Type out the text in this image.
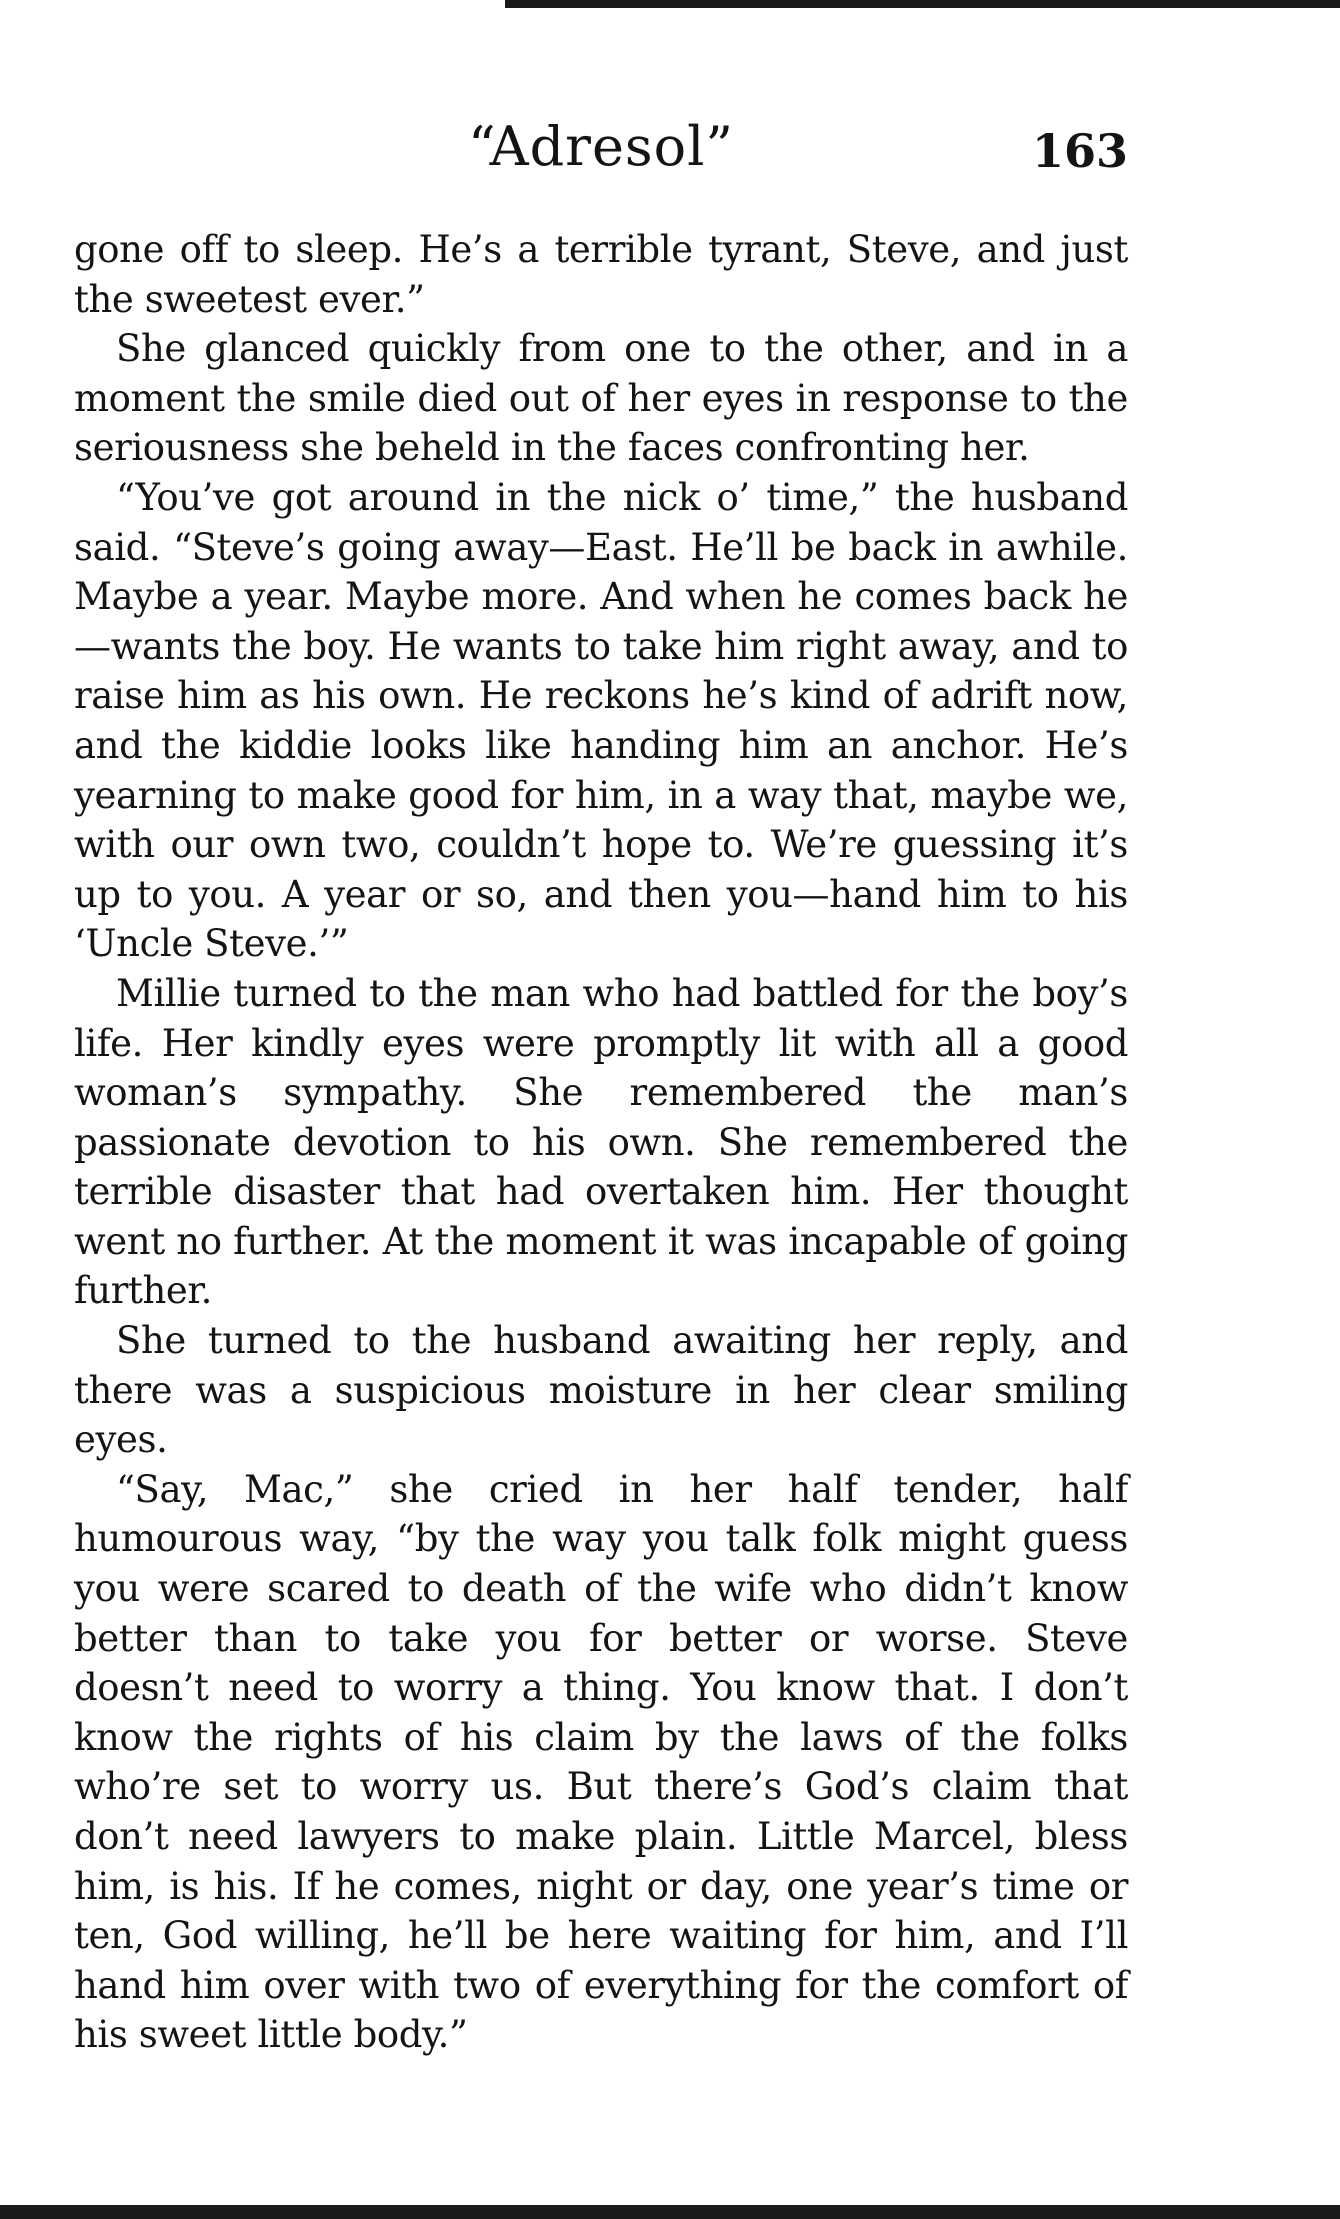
“Adresol”	163

gone off to sleep. He’s a terrible tyrant, Steve, and just the sweetest ever.”

She glanced quickly from one to the other, and in a moment the smile died out of her eyes in response to the seriousness she beheld in the faces confronting her.

“You’ve got around in the nick o’ time,” the husband said. “Steve’s going away—East. He’ll be back in awhile. Maybe a year. Maybe more. And when he comes back he—wants the boy. He wants to take him right away, and to raise him as his own. He reckons he’s kind of adrift now, and the kiddie looks like handing him an anchor. He’s yearning to make good for him, in a way that, maybe we, with our own two, couldn’t hope to. We’re guessing it’s up to you. A year or so, and then you—hand him to his ‘Uncle Steve.’”

Millie turned to the man who had battled for the boy’s life. Her kindly eyes were promptly lit with all a good woman’s sympathy. She remembered the man’s passionate devotion to his own. She remembered the terrible disaster that had overtaken him. Her thought went no further. At the moment it was incapable of going further.

She turned to the husband awaiting her reply, and there was a suspicious moisture in her clear smiling eyes.

“Say, Mac,” she cried in her half tender, half humourous way, “by the way you talk folk might guess you were scared to death of the wife who didn’t know better than to take you for better or worse. Steve doesn’t need to worry a thing. You know that. I don’t know the rights of his claim by the laws of the folks who’re set to worry us. But there’s God’s claim that don’t need lawyers to make plain. Little Marcel, bless him, is his. If he comes, night or day, one year’s time or ten, God willing, he’ll be here waiting for him, and I’ll hand him over with two of everything for the comfort of his sweet little body.”
